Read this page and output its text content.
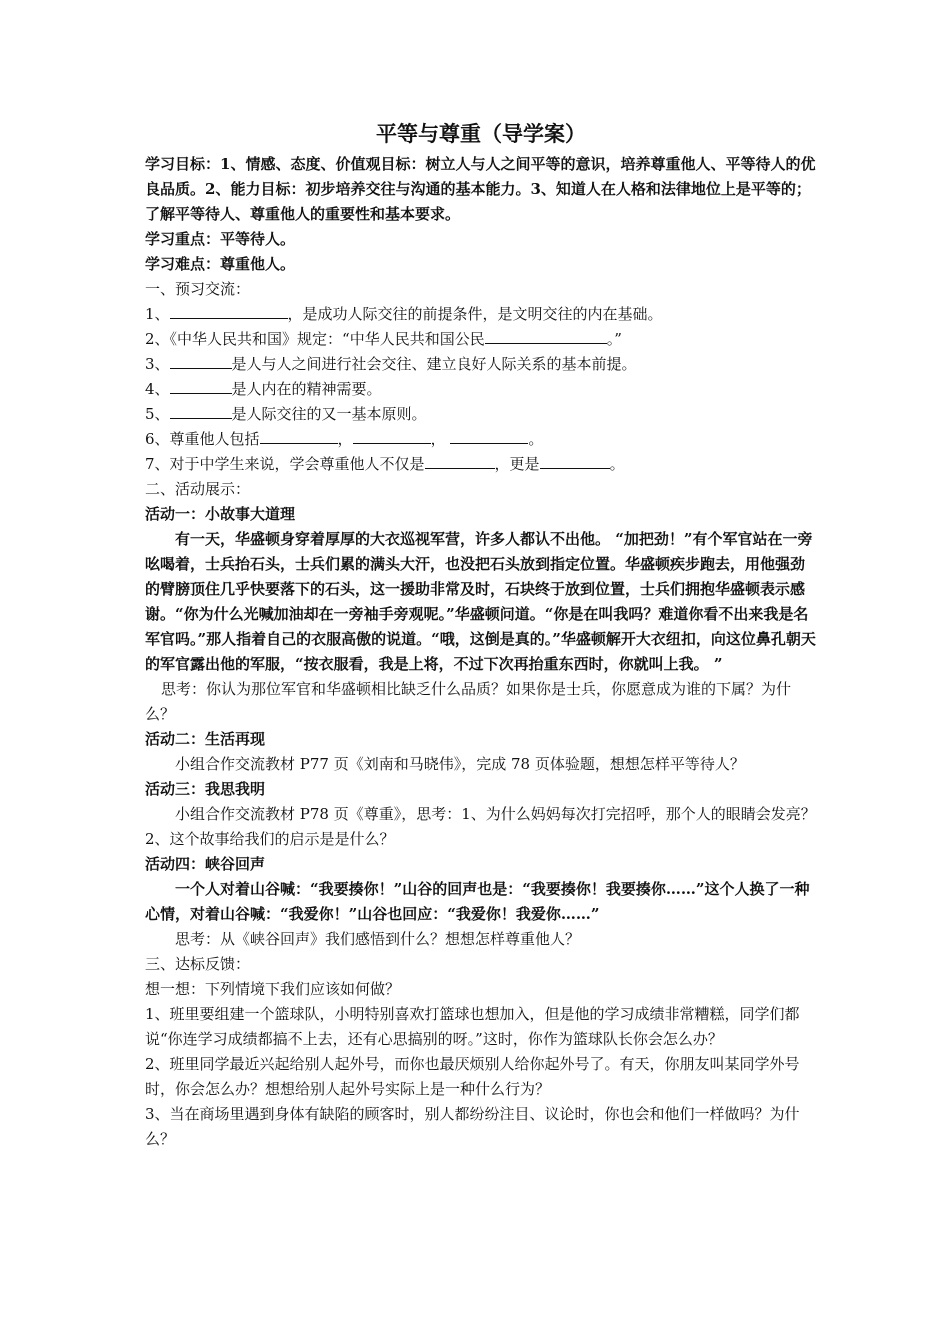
平等与尊重（导学案）

学习目标：1、情感、态度、价值观目标：树立人与人之间平等的意识，培养尊重他人、平等待人的优良品质。2、能力目标：初步培养交往与沟通的基本能力。3、知道人在人格和法律地位上是平等的；了解平等待人、尊重他人的重要性和基本要求。

学习重点：平等待人。

学习难点：尊重他人。

一、预习交流：

1、	，是成功人际交往的前提条件，是文明交往的内在基础。

2、《中华人民共和国》规定：“中华人民共和国公民	。”

3、	是人与人之间进行社会交往、建立良好人际关系的基本前提。

4、	是人内在的精神需要。

5、	是人际交往的又一基本原则。

6、尊重他人包括	，	，	。

7、对于中学生来说，学会尊重他人不仅是	，更是	。

二、活动展示：

活动一：小故事大道理

有一天，华盛顿身穿着厚厚的大衣巡视军营，许多人都认不出他。 “加把劲！”有个军官站在一旁吆喝着，士兵抬石头，士兵们累的满头大汗，也没把石头放到指定位置。华盛顿疾步跑去，用他强劲的臂膀顶住几乎快要落下的石头，这一援助非常及时，石块终于放到位置，士兵们拥抱华盛顿表示感谢。“你为什么光喊加油却在一旁袖手旁观呢。”华盛顿问道。“你是在叫我吗？难道你看不出来我是名军官吗。”那人指着自己的衣服高傲的说道。“哦，这倒是真的。”华盛顿解开大衣纽扣，向这位鼻孔朝天的军官露出他的军服，“按衣服看，我是上将，不过下次再抬重东西时，你就叫上我。 ”

思考：你认为那位军官和华盛顿相比缺乏什么品质？如果你是士兵，你愿意成为谁的下属？为什么？

活动二：生活再现

小组合作交流教材 P77 页《刘南和马晓伟》，完成 78 页体验题，想想怎样平等待人？

活动三：我思我明

小组合作交流教材 P78 页《尊重》，思考：1、为什么妈妈每次打完招呼，那个人的眼睛会发亮？2、这个故事给我们的启示是是什么？

活动四：峡谷回声

一个人对着山谷喊：“我要揍你！”山谷的回声也是：“我要揍你！我要揍你……”这个人换了一种心情，对着山谷喊：“我爱你！”山谷也回应：“我爱你！我爱你……”

思考：从《峡谷回声》我们感悟到什么？想想怎样尊重他人？

三、达标反馈：

想一想：下列情境下我们应该如何做？

1、班里要组建一个篮球队，小明特别喜欢打篮球也想加入，但是他的学习成绩非常糟糕，同学们都说“你连学习成绩都搞不上去，还有心思搞别的呀。”这时，你作为篮球队长你会怎么办？

2、班里同学最近兴起给别人起外号，而你也最厌烦别人给你起外号了。有天，你朋友叫某同学外号时，你会怎么办？想想给别人起外号实际上是一种什么行为？

3、当在商场里遇到身体有缺陷的顾客时，别人都纷纷注目、议论时，你也会和他们一样做吗？为什么？
